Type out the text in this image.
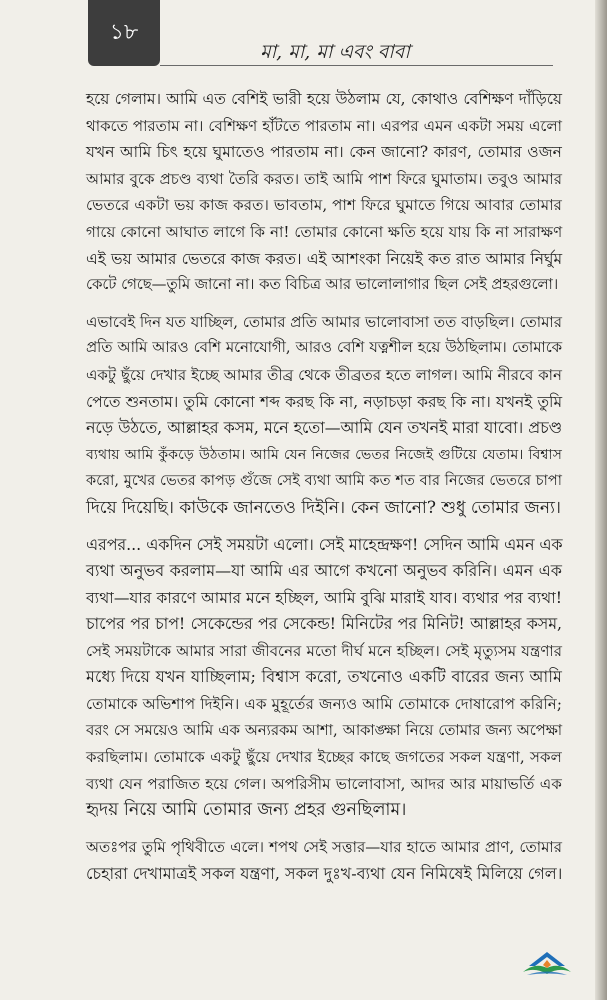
১৮
মা, মা, মা এবং বাবা

হয়ে গেলাম। আমি এত বেশিই ভারী হয়ে উঠলাম যে, কোথাও বেশিক্ষণ দাঁড়িয়ে
থাকতে পারতাম না। বেশিক্ষণ হাঁটতে পারতাম না। এরপর এমন একটা সময় এলো
যখন আমি চিৎ হয়ে ঘুমাতেও পারতাম না। কেন জানো? কারণ, তোমার ওজন
আমার বুকে প্রচণ্ড ব্যথা তৈরি করত। তাই আমি পাশ ফিরে ঘুমাতাম। তবুও আমার
ভেতরে একটা ভয় কাজ করত। ভাবতাম, পাশ ফিরে ঘুমাতে গিয়ে আবার তোমার
গায়ে কোনো আঘাত লাগে কি না! তোমার কোনো ক্ষতি হয়ে যায় কি না সারাক্ষণ
এই ভয় আমার ভেতরে কাজ করত। এই আশংকা নিয়েই কত রাত আমার নির্ঘুম
কেটে গেছে—তুমি জানো না। কত বিচিত্র আর ভালোলাগার ছিল সেই প্রহরগুলো।

এভাবেই দিন যত যাচ্ছিল, তোমার প্রতি আমার ভালোবাসা তত বাড়ছিল। তোমার
প্রতি আমি আরও বেশি মনোযোগী, আরও বেশি যত্নশীল হয়ে উঠছিলাম। তোমাকে
একটু ছুঁয়ে দেখার ইচ্ছে আমার তীব্র থেকে তীব্রতর হতে লাগল। আমি নীরবে কান
পেতে শুনতাম। তুমি কোনো শব্দ করছ কি না, নড়াচড়া করছ কি না। যখনই তুমি
নড়ে উঠতে, আল্লাহর কসম, মনে হতো—আমি যেন তখনই মারা যাবো। প্রচণ্ড
ব্যথায় আমি কুঁকড়ে উঠতাম। আমি যেন নিজের ভেতর নিজেই গুটিয়ে যেতাম। বিশ্বাস
করো, মুখের ভেতর কাপড় গুঁজে সেই ব্যথা আমি কত শত বার নিজের ভেতরে চাপা
দিয়ে দিয়েছি। কাউকে জানতেও দিইনি। কেন জানো? শুধু তোমার জন্য।

এরপর... একদিন সেই সময়টা এলো। সেই মাহেন্দ্রক্ষণ! সেদিন আমি এমন এক
ব্যথা অনুভব করলাম—যা আমি এর আগে কখনো অনুভব করিনি। এমন এক
ব্যথা—যার কারণে আমার মনে হচ্ছিল, আমি বুঝি মারাই যাব। ব্যথার পর ব্যথা!
চাপের পর চাপ! সেকেন্ডের পর সেকেন্ড! মিনিটের পর মিনিট! আল্লাহর কসম,
সেই সময়টাকে আমার সারা জীবনের মতো দীর্ঘ মনে হচ্ছিল। সেই মৃত্যুসম যন্ত্রণার
মধ্যে দিয়ে যখন যাচ্ছিলাম; বিশ্বাস করো, তখনোও একটি বারের জন্য আমি
তোমাকে অভিশাপ দিইনি। এক মুহূর্তের জন্যও আমি তোমাকে দোষারোপ করিনি;
বরং সে সময়েও আমি এক অন্যরকম আশা, আকাঙ্ক্ষা নিয়ে তোমার জন্য অপেক্ষা
করছিলাম। তোমাকে একটু ছুঁয়ে দেখার ইচ্ছের কাছে জগতের সকল যন্ত্রণা, সকল
ব্যথা যেন পরাজিত হয়ে গেল। অপরিসীম ভালোবাসা, আদর আর মায়াভর্তি এক
হৃদয় নিয়ে আমি তোমার জন্য প্রহর গুনছিলাম।

অতঃপর তুমি পৃথিবীতে এলে। শপথ সেই সত্তার—যার হাতে আমার প্রাণ, তোমার
চেহারা দেখামাত্রই সকল যন্ত্রণা, সকল দুঃখ-ব্যথা যেন নিমিষেই মিলিয়ে গেল।
